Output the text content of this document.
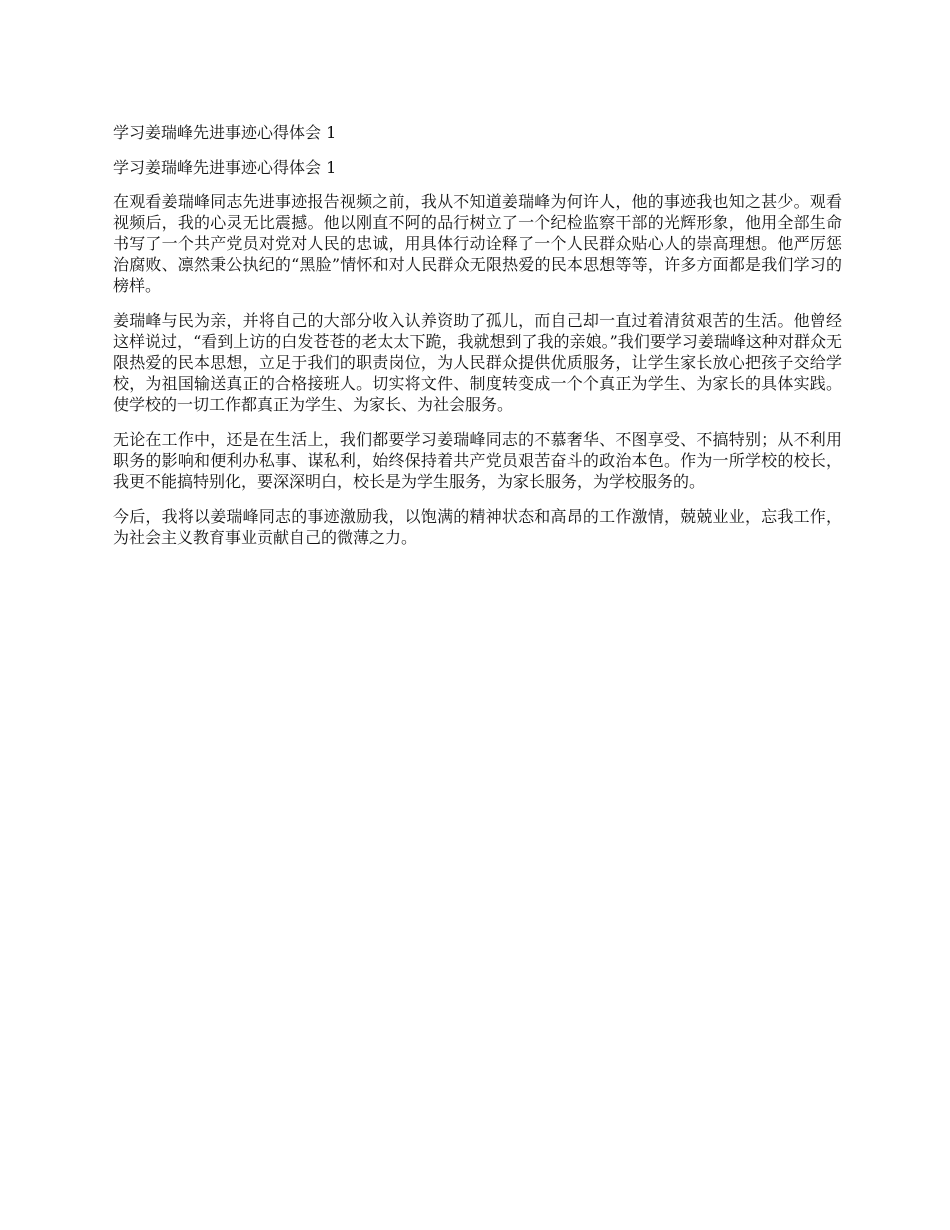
学习姜瑞峰先进事迹心得体会 1
学习姜瑞峰先进事迹心得体会 1

在观看姜瑞峰同志先进事迹报告视频之前，我从不知道姜瑞峰为何许人，他的事迹我也知之甚少。观看视频后，我的心灵无比震撼。他以刚直不阿的品行树立了一个纪检监察干部的光辉形象，他用全部生命书写了一个共产党员对党对人民的忠诚，用具体行动诠释了一个人民群众贴心人的崇高理想。他严厉惩治腐败、凛然秉公执纪的“黑脸”情怀和对人民群众无限热爱的民本思想等等，许多方面都是我们学习的榜样。

姜瑞峰与民为亲，并将自己的大部分收入认养资助了孤儿，而自己却一直过着清贫艰苦的生活。他曾经这样说过，“看到上访的白发苍苍的老太太下跪，我就想到了我的亲娘。”我们要学习姜瑞峰这种对群众无限热爱的民本思想，立足于我们的职责岗位，为人民群众提供优质服务，让学生家长放心把孩子交给学校，为祖国输送真正的合格接班人。切实将文件、制度转变成一个个真正为学生、为家长的具体实践。使学校的一切工作都真正为学生、为家长、为社会服务。

无论在工作中，还是在生活上，我们都要学习姜瑞峰同志的不慕奢华、不图享受、不搞特别；从不利用职务的影响和便利办私事、谋私利，始终保持着共产党员艰苦奋斗的政治本色。作为一所学校的校长，我更不能搞特别化，要深深明白，校长是为学生服务，为家长服务，为学校服务的。

今后，我将以姜瑞峰同志的事迹激励我，以饱满的精神状态和高昂的工作激情，兢兢业业，忘我工作，为社会主义教育事业贡献自己的微薄之力。
